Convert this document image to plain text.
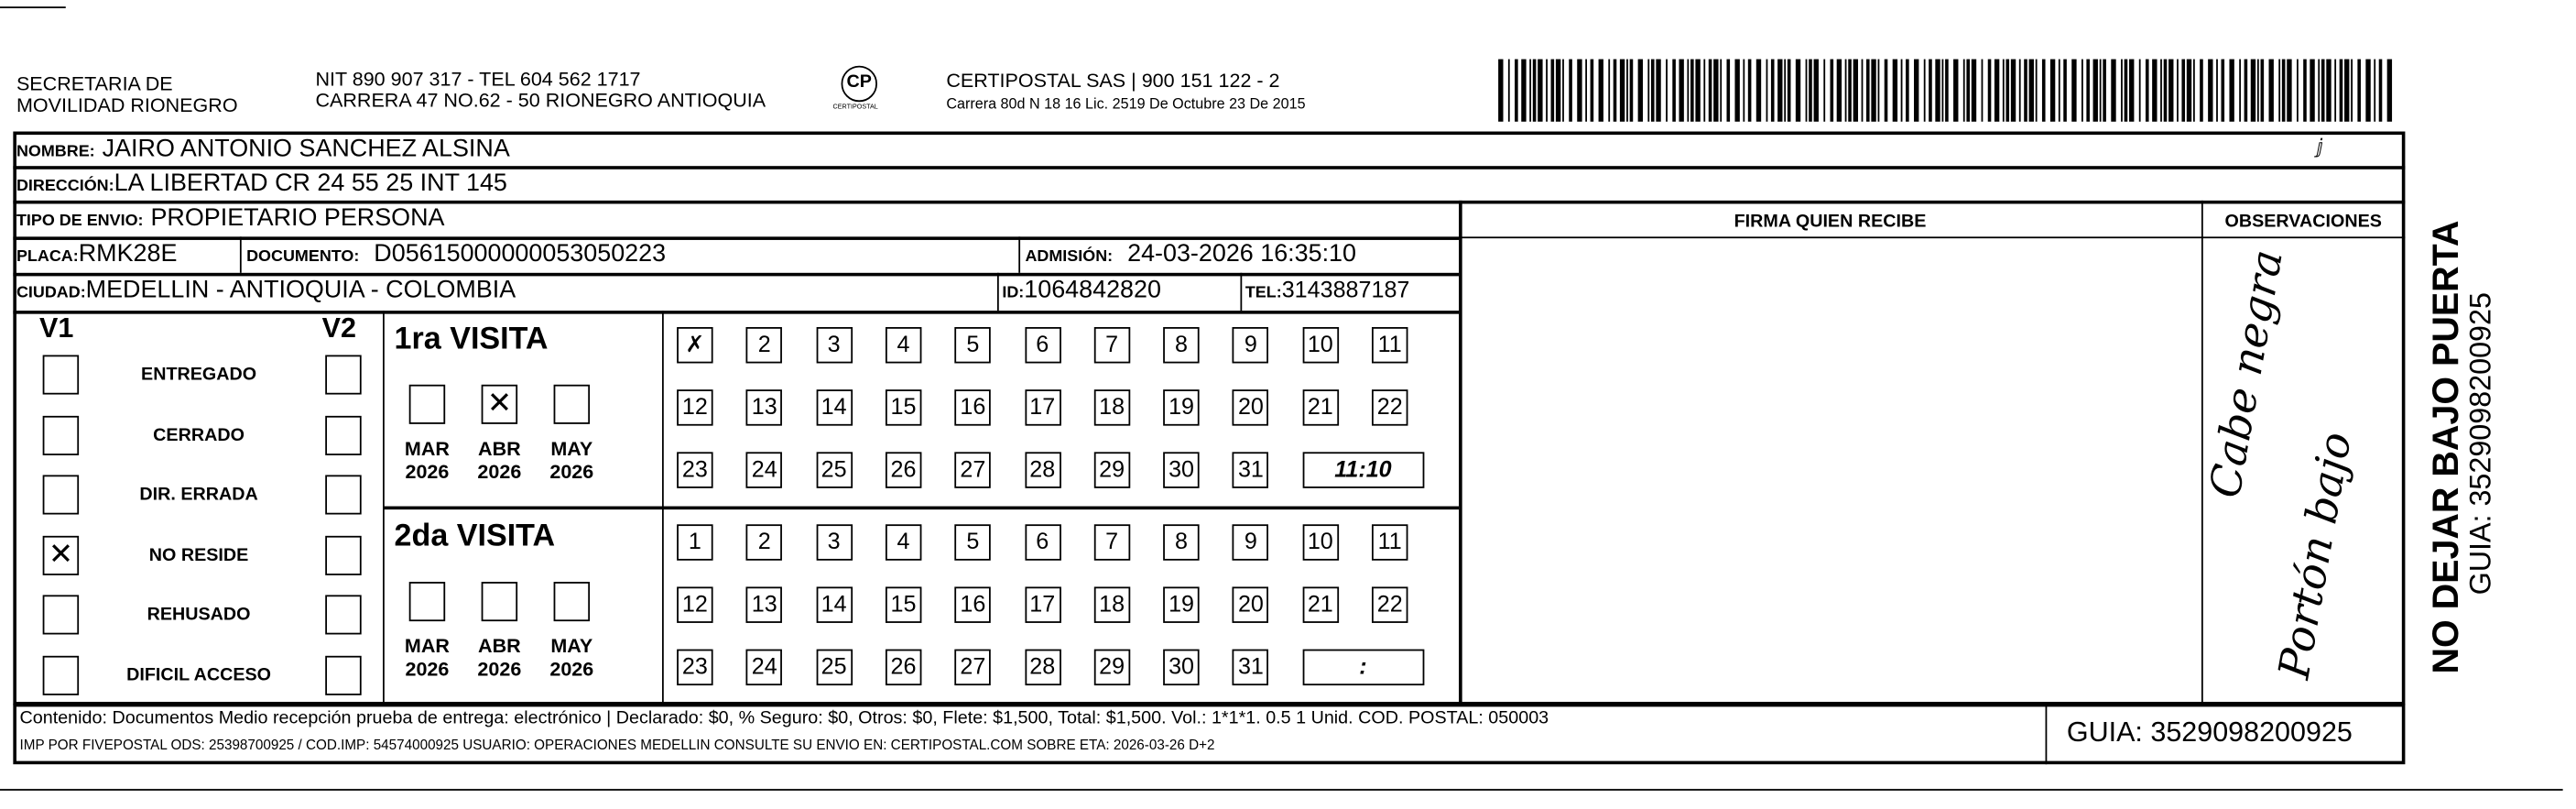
SECRETARIA DE
MOVILIDAD RIONEGRO
NIT 890 907 317 - TEL 604 562 1717
CARRERA 47 NO.62 - 50 RIONEGRO ANTIOQUIA
CP
CERTIPOSTAL
CERTIPOSTAL SAS | 900 151 122 - 2
Carrera 80d N 18 16 Lic. 2519 De Octubre 23 De 2015
NOMBRE: JAIRO ANTONIO SANCHEZ ALSINA	ⅉ
DIRECCIÓN:LA LIBERTAD CR 24 55 25 INT 145
TIPO DE ENVIO: PROPIETARIO PERSONA
PLACA:RMK28E	DOCUMENTO: D05615000000053050223	ADMISIÓN: 24-03-2026 16:35:10
CIUDAD:MEDELLIN - ANTIOQUIA - COLOMBIA	ID:1064842820	TEL:3143887187
FIRMA QUIEN RECIBE	OBSERVACIONES
Cabe negra
Portón bajo
V1	V2
ENTREGADO
CERRADO
DIR. ERRADA
✕	NO RESIDE
REHUSADO
DIFICIL ACCESO
1ra VISITA
MAR
2026
✕
ABR
2026
MAY
2026
✗	2	3	4	5	6	7	8	9	10	11
12	13	14	15	16	17	18	19	20	21	22
23	24	25	26	27	28	29	30	31	11:10
2da VISITA
MAR
2026
ABR
2026
MAY
2026
1	2	3	4	5	6	7	8	9	10	11
12	13	14	15	16	17	18	19	20	21	22
23	24	25	26	27	28	29	30	31	:
Contenido: Documentos Medio recepción prueba de entrega: electrónico | Declarado: $0, % Seguro: $0, Otros: $0, Flete: $1,500, Total: $1,500. Vol.: 1*1*1. 0.5 1 Unid. COD. POSTAL: 050003
IMP POR FIVEPOSTAL ODS: 25398700925 / COD.IMP: 54574000925 USUARIO: OPERACIONES MEDELLIN CONSULTE SU ENVIO EN: CERTIPOSTAL.COM SOBRE ETA: 2026-03-26 D+2	GUIA: 3529098200925
NO DEJAR BAJO PUERTA
GUIA: 3529098200925
